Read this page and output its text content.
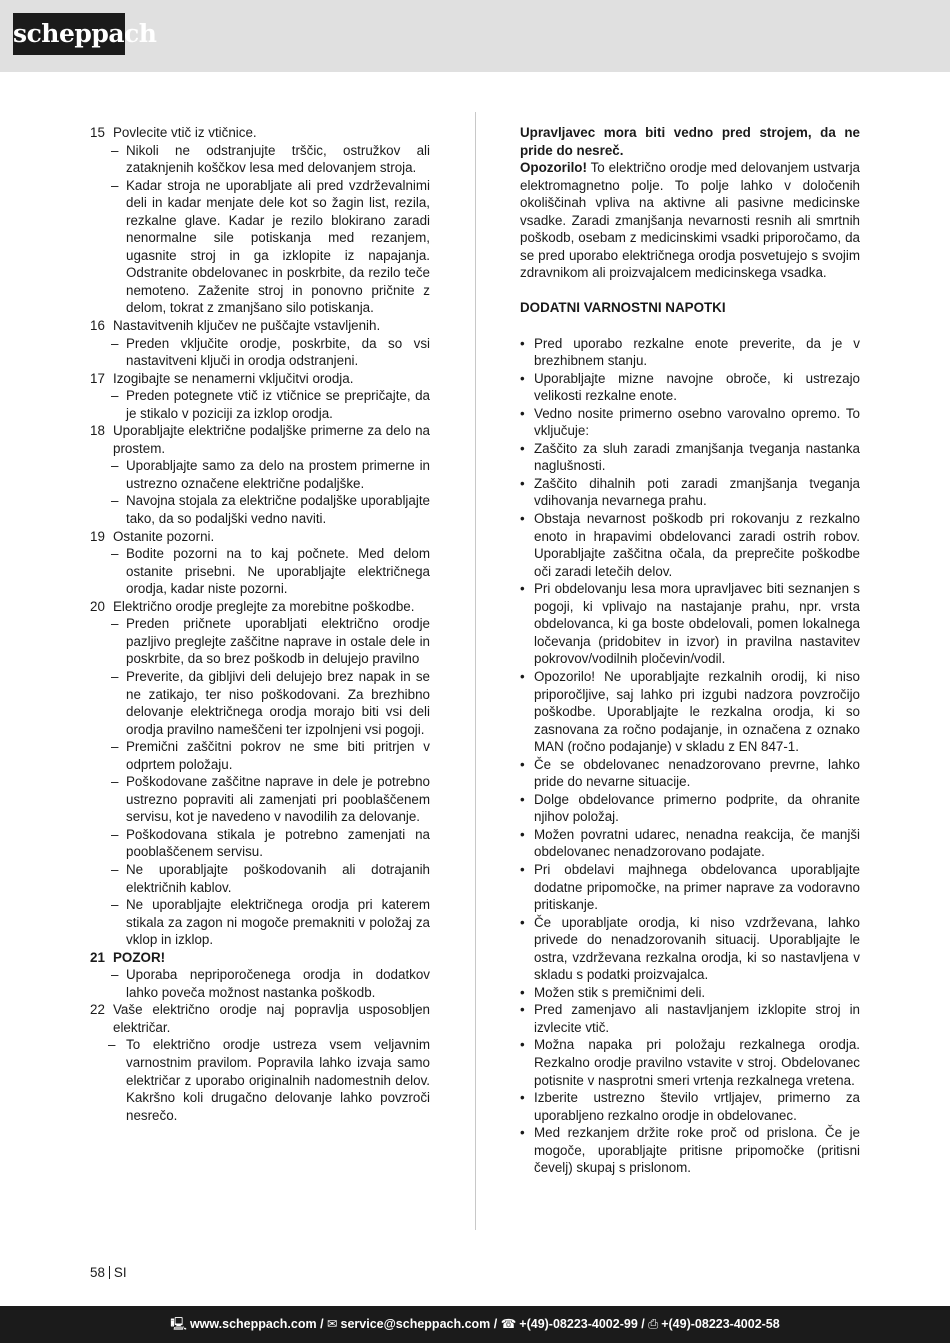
scheppach
15 Povlecite vtič iz vtičnice.
– Nikoli ne odstranjujte trščic, ostružkov ali zataknjenih koščkov lesa med delovanjem stroja.
– Kadar stroja ne uporabljate ali pred vzdrževalnimi deli in kadar menjate dele kot so žagin list, rezila, rezkalne glave. Kadar je rezilo blokirano zaradi nenormalne sile potiskanja med rezanjem, ugasnite stroj in ga izklopite iz napajanja. Odstranite obdelovanec in poskrbite, da rezilo teče nemoteno. Zaženite stroj in ponovno pričnite z delom, tokrat z zmanjšano silo potiskanja.
16 Nastavitvenih ključev ne puščajte vstavljenih.
– Preden vključite orodje, poskrbite, da so vsi nastavitveni ključi in orodja odstranjeni.
17 Izogibajte se nenamerni vključitvi orodja.
– Preden potegnete vtič iz vtičnice se prepričajte, da je stikalo v poziciji za izklop orodja.
18 Uporabljajte električne podaljške primerne za delo na prostem.
– Uporabljajte samo za delo na prostem primerne in ustrezno označene električne podaljške.
– Navojna stojala za električne podaljške uporabljajte tako, da so podaljški vedno naviti.
19 Ostanite pozorni.
– Bodite pozorni na to kaj počnete. Med delom ostanite prisebni. Ne uporabljajte električnega orodja, kadar niste pozorni.
20 Električno orodje preglejte za morebitne poškodbe.
– Preden pričnete uporabljati električno orodje pazljivo preglejte zaščitne naprave in ostale dele in poskrbite, da so brez poškodb in delujejo pravilno
– Preverite, da gibljivi deli delujejo brez napak in se ne zatikajo, ter niso poškodovani. Za brezhibno delovanje električnega orodja morajo biti vsi deli orodja pravilno nameščeni ter izpolnjeni vsi pogoji.
– Premični zaščitni pokrov ne sme biti pritrjen v odprtem položaju.
– Poškodovane zaščitne naprave in dele je potrebno ustrezno popraviti ali zamenjati pri pooblaščenem servisu, kot je navedeno v navodilih za delovanje.
– Poškodovana stikala je potrebno zamenjati na pooblaščenem servisu.
– Ne uporabljajte poškodovanih ali dotrajanih električnih kablov.
– Ne uporabljajte električnega orodja pri katerem stikala za zagon ni mogoče premakniti v položaj za vklop in izklop.
21 POZOR!
– Uporaba nepriporočenega orodja in dodatkov lahko poveča možnost nastanka poškodb.
22 Vaše električno orodje naj popravlja usposobljen električar.
– To električno orodje ustreza vsem veljavnim varnostnim pravilom. Popravila lahko izvaja samo električar z uporabo originalnih nadomestnih delov. Kakršno koli drugačno delovanje lahko povzroči nesrečo.

Upravljavec mora biti vedno pred strojem, da ne pride do nesreč.

Opozorilo! To električno orodje med delovanjem ustvarja elektromagnetno polje. To polje lahko v določenih okoliščinah vpliva na aktivne ali pasivne medicinske vsadke. Zaradi zmanjšanja nevarnosti resnih ali smrtnih poškodb, osebam z medicinskimi vsadki priporočamo, da se pred uporabo električnega orodja posvetujejo s svojim zdravnikom ali proizvajalcem medicinskega vsadka.

DODATNI VARNOSTNI NAPOTKI

• Pred uporabo rezkalne enote preverite, da je v brezhibnem stanju.
• Uporabljajte mizne navojne obroče, ki ustrezajo velikosti rezkalne enote.
• Vedno nosite primerno osebno varovalno opremo. To vključuje:
• Zaščito za sluh zaradi zmanjšanja tveganja nastanka naglušnosti.
• Zaščito dihalnih poti zaradi zmanjšanja tveganja vdihovanja nevarnega prahu.
• Obstaja nevarnost poškodb pri rokovanju z rezkalno enoto in hrapavimi obdelovanci zaradi ostrih robov. Uporabljajte zaščitna očala, da preprečite poškodbe oči zaradi letečih delov.
• Pri obdelovanju lesa mora upravljavec biti seznanjen s pogoji, ki vplivajo na nastajanje prahu, npr. vrsta obdelovanca, ki ga boste obdelovali, pomen lokalnega ločevanja (pridobitev in izvor) in pravilna nastavitev pokrovov/vodilnih pločevin/vodil.
• Opozorilo! Ne uporabljajte rezkalnih orodij, ki niso priporočljive, saj lahko pri izgubi nadzora povzročijo poškodbe. Uporabljajte le rezkalna orodja, ki so zasnovana za ročno podajanje, in označena z oznako MAN (ročno podajanje) v skladu z EN 847-1.
• Če se obdelovanec nenadzorovano prevrne, lahko pride do nevarne situacije.
• Dolge obdelovance primerno podprite, da ohranite njihov položaj.
• Možen povratni udarec, nenadna reakcija, če manjši obdelovanec nenadzorovano podajate.
• Pri obdelavi majhnega obdelovanca uporabljajte dodatne pripomočke, na primer naprave za vodoravno pritiskanje.
• Če uporabljate orodja, ki niso vzdrževana, lahko privede do nenadzorovanih situacij. Uporabljajte le ostra, vzdrževana rezkalna orodja, ki so nastavljena v skladu s podatki proizvajalca.
• Možen stik s premičnimi deli.
• Pred zamenjavo ali nastavljanjem izklopite stroj in izvlecite vtič.
• Možna napaka pri položaju rezkalnega orodja. Rezkalno orodje pravilno vstavite v stroj. Obdelovanec potisnite v nasprotni smeri vrtenja rezkalnega vretena.
• Izberite ustrezno število vrtljajev, primerno za uporabljeno rezkalno orodje in obdelovanec.
• Med rezkanjem držite roke proč od prislona. Če je mogoče, uporabljajte pritisne pripomočke (pritisni čevelj) skupaj s prislonom.
58 SI
🖳 www.scheppach.com / ✉ service@scheppach.com / ☎ +(49)-08223-4002-99 / ⎙ +(49)-08223-4002-58
